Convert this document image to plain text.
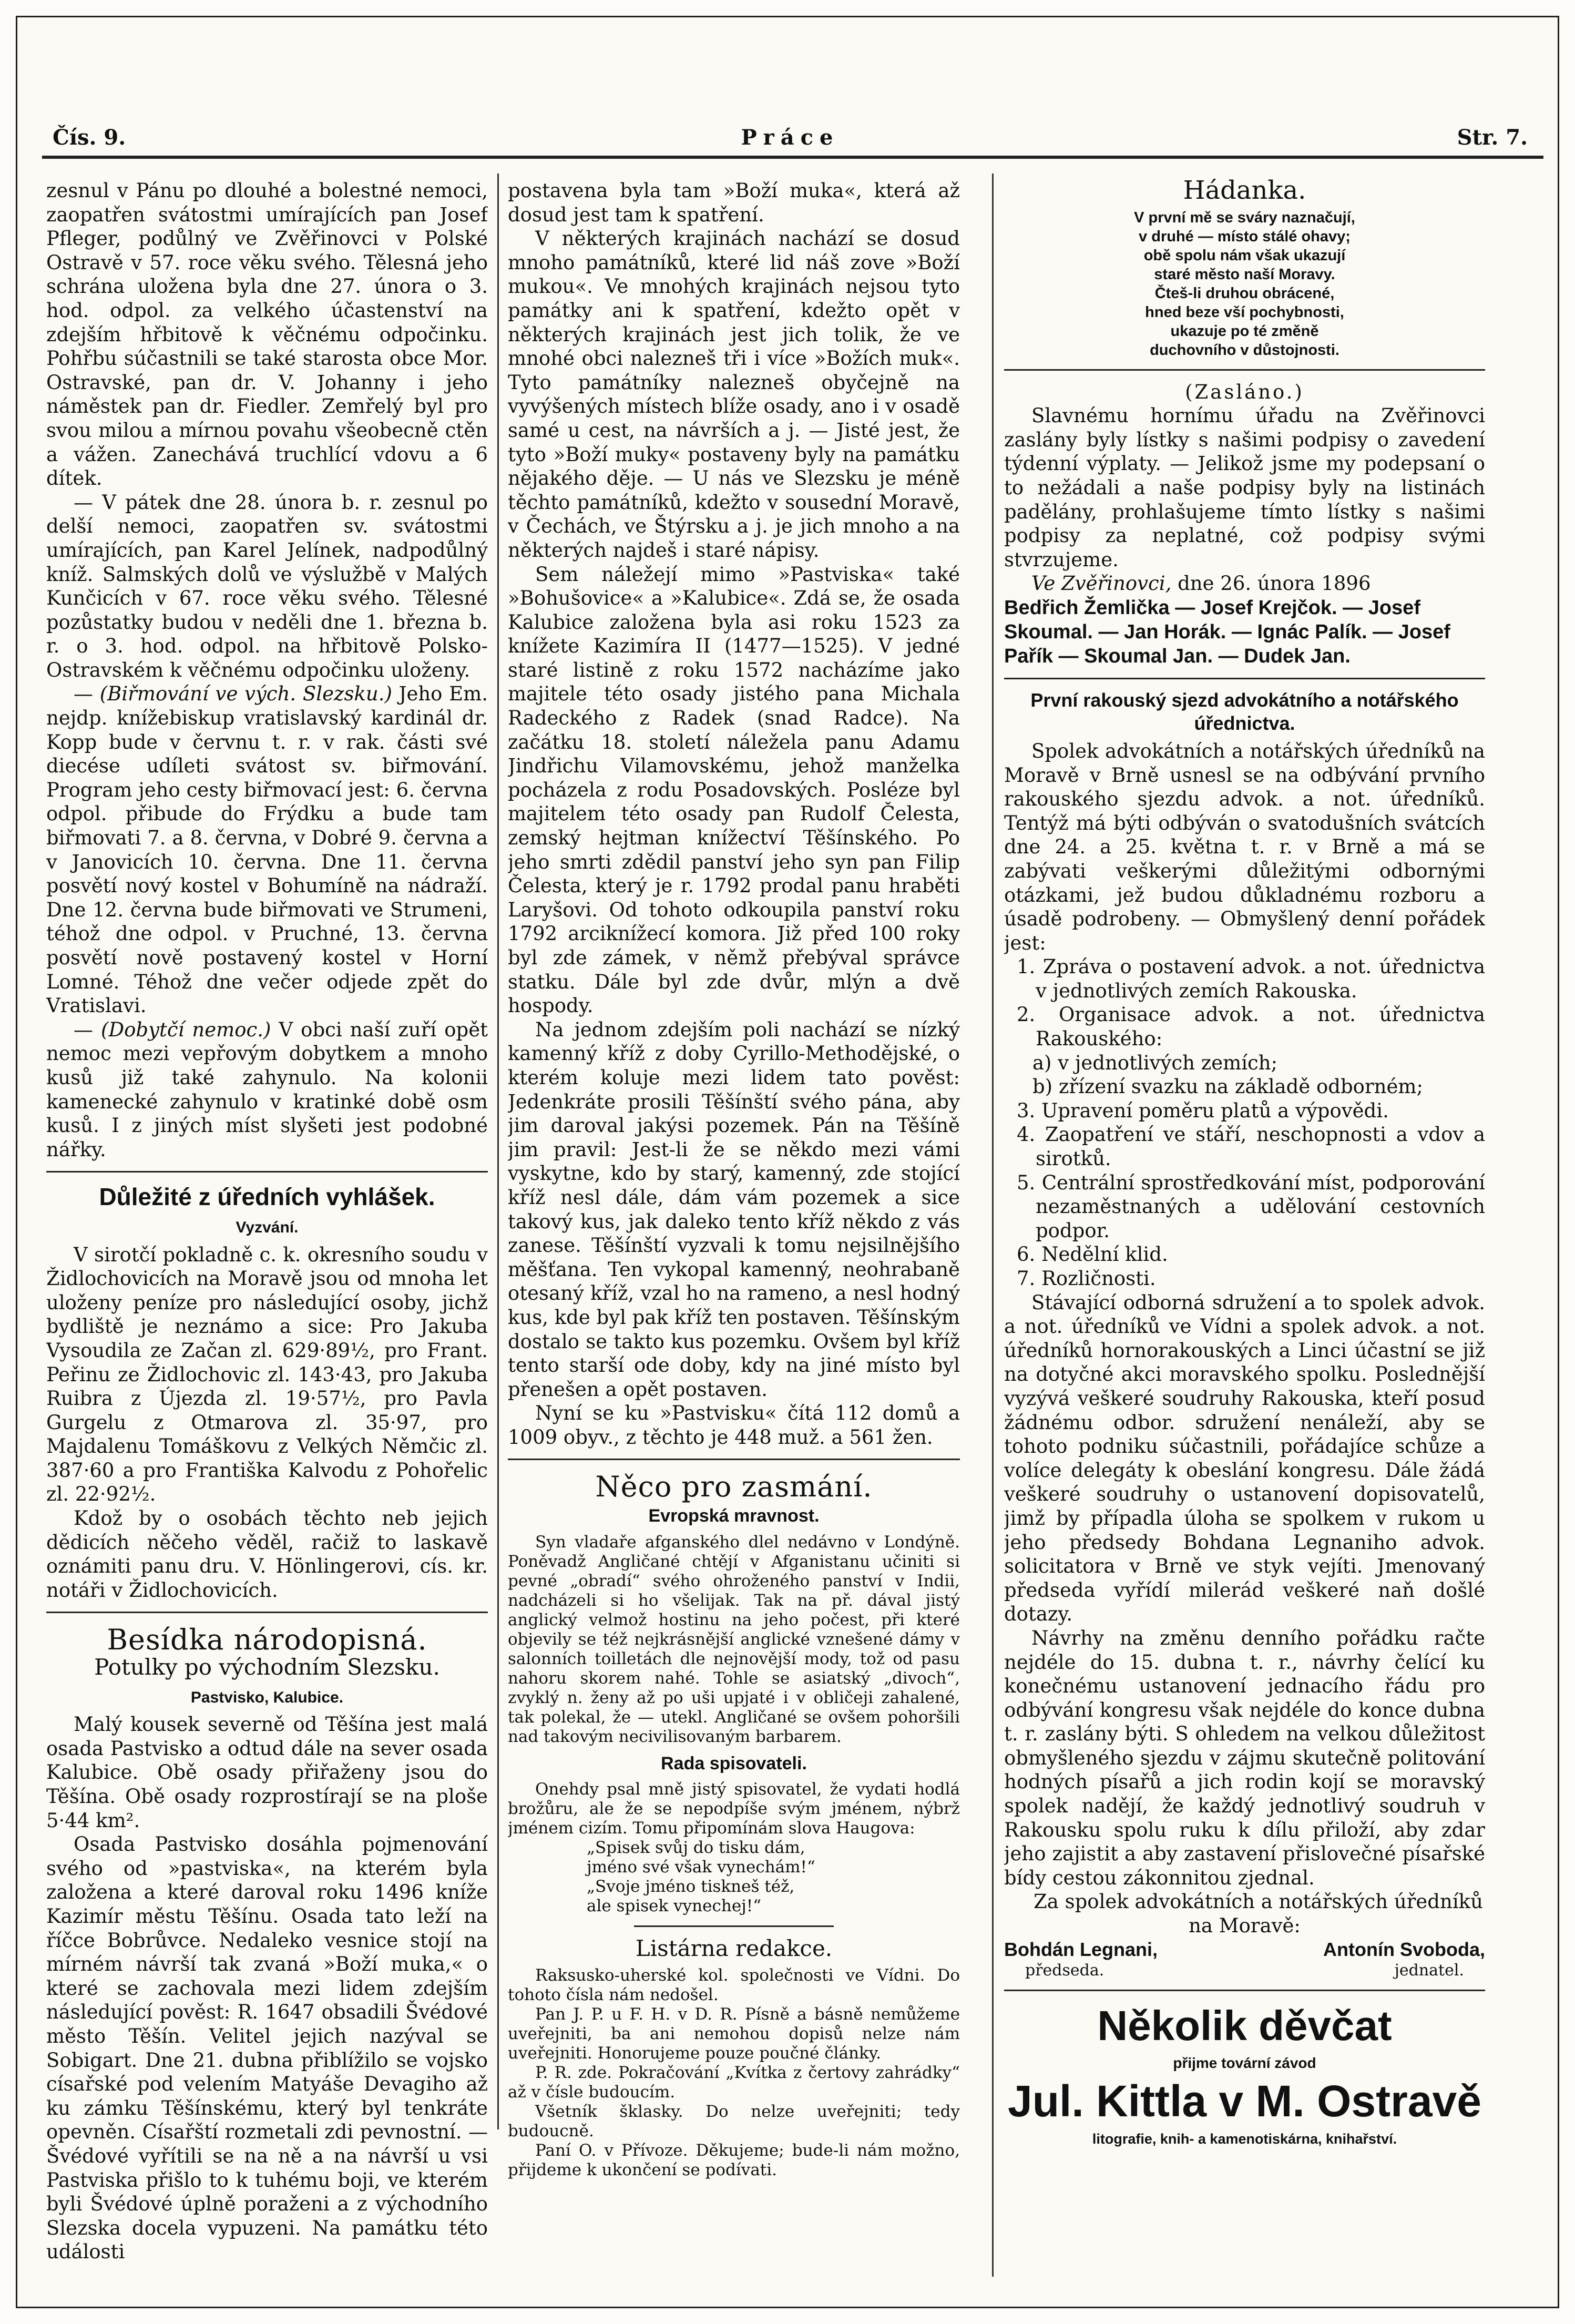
Čís. 9.	Práce	Str. 7.

zesnul v Pánu po dlouhé a bolestné nemoci, zaopatřen svátostmi umírajících pan Josef Pfleger, podůlný ve Zvěřinovci v Polské Ostravě v 57. roce věku svého. Tělesná jeho schrána uložena byla dne 27. února o 3. hod. odpol. za velkého účastenství na zdejším hřbitově k věčnému odpočinku. Pohřbu súčastnili se také starosta obce Mor. Ostravské, pan dr. V. Johanny i jeho náměstek pan dr. Fiedler. Zemřelý byl pro svou milou a mírnou povahu všeobecně ctěn a vážen. Zanechává truchlící vdovu a 6 dítek.

— V pátek dne 28. února b. r. zesnul po delší nemoci, zaopatřen sv. svátostmi umírajících, pan Karel Jelínek, nadpodůlný kníž. Salmských dolů ve výslužbě v Malých Kunčicích v 67. roce věku svého. Tělesné pozůstatky budou v neděli dne 1. března b. r. o 3. hod. odpol. na hřbitově Polsko-Ostravském k věčnému odpočinku uloženy.

— (Biřmování ve vých. Slezsku.) Jeho Em. nejdp. knížebiskup vratislavský kardinál dr. Kopp bude v červnu t. r. v rak. části své diecése udíleti svátost sv. biřmování. Program jeho cesty biřmovací jest: 6. června odpol. přibude do Frýdku a bude tam biřmovati 7. a 8. června, v Dobré 9. června a v Janovicích 10. června. Dne 11. června posvětí nový kostel v Bohumíně na nádraží. Dne 12. června bude biřmovati ve Strumeni, téhož dne odpol. v Pruchné, 13. června posvětí nově postavený kostel v Horní Lomné. Téhož dne večer odjede zpět do Vratislavi.

— (Dobytčí nemoc.) V obci naší zuří opět nemoc mezi vepřovým dobytkem a mnoho kusů již také zahynulo. Na kolonii kamenecké zahynulo v kratinké době osm kusů. I z jiných míst slyšeti jest podobné nářky.

Důležité z úředních vyhlášek.
Vyzvání.

V sirotčí pokladně c. k. okresního soudu v Židlochovicích na Moravě jsou od mnoha let uloženy peníze pro následující osoby, jichž bydliště je neznámo a sice: Pro Jakuba Vysoudila ze Začan zl. 629·89½, pro Frant. Peřinu ze Židlochovic zl. 143·43, pro Jakuba Ruibra z Újezda zl. 19·57½, pro Pavla Gurgelu z Otmarova zl. 35·97, pro Majdalenu Tomáškovu z Velkých Němčic zl. 387·60 a pro Františka Kalvodu z Pohořelic zl. 22·92½.

Kdož by o osobách těchto neb jejich dědicích něčeho věděl, račiž to laskavě oznámiti panu dru. V. Hönlingerovi, cís. kr. notáři v Židlochovicích.

Besídka národopisná.
Potulky po východním Slezsku.
Pastvisko, Kalubice.

Malý kousek severně od Těšína jest malá osada Pastvisko a odtud dále na sever osada Kalubice. Obě osady přiřaženy jsou do Těšína. Obě osady rozprostírají se na ploše 5·44 km².

Osada Pastvisko dosáhla pojmenování svého od »pastviska«, na kterém byla založena a které daroval roku 1496 kníže Kazimír městu Těšínu. Osada tato leží na říčce Bobrůvce. Nedaleko vesnice stojí na mírném návrší tak zvaná »Boží muka,« o které se zachovala mezi lidem zdejším následující pověst: R. 1647 obsadili Švédové město Těšín. Velitel jejich nazýval se Sobigart. Dne 21. dubna přiblížilo se vojsko císařské pod velením Matyáše Devagiho až ku zámku Těšínskému, který byl tenkráte opevněn. Císařští rozmetali zdi pevnostní. — Švédové vyřítili se na ně a na návrší u vsi Pastviska přišlo to k tuhému boji, ve kterém byli Švédové úplně poraženi a z východního Slezska docela vypuzeni. Na památku této události

postavena byla tam »Boží muka«, která až dosud jest tam k spatření.

V některých krajinách nachází se dosud mnoho památníků, které lid náš zove »Boží mukou«. Ve mnohých krajinách nejsou tyto památky ani k spatření, kdežto opět v některých krajinách jest jich tolik, že ve mnohé obci nalezneš tři i více »Božích muk«. Tyto památníky nalezneš obyčejně na vyvýšených místech blíže osady, ano i v osadě samé u cest, na návrších a j. — Jisté jest, že tyto »Boží muky« postaveny byly na památku nějakého děje. — U nás ve Slezsku je méně těchto památníků, kdežto v sousední Moravě, v Čechách, ve Štýrsku a j. je jich mnoho a na některých najdeš i staré nápisy.

Sem náležejí mimo »Pastviska« také »Bohušovice« a »Kalubice«. Zdá se, že osada Kalubice založena byla asi roku 1523 za knížete Kazimíra II (1477—1525). V jedné staré listině z roku 1572 nacházíme jako majitele této osady jistého pana Michala Radeckého z Radek (snad Radce). Na začátku 18. století náležela panu Adamu Jindřichu Vilamovskému, jehož manželka pocházela z rodu Posadovských. Posléze byl majitelem této osady pan Rudolf Čelesta, zemský hejtman knížectví Těšínského. Po jeho smrti zdědil panství jeho syn pan Filip Čelesta, který je r. 1792 prodal panu hraběti Laryšovi. Od tohoto odkoupila panství roku 1792 arciknížecí komora. Již před 100 roky byl zde zámek, v němž přebýval správce statku. Dále byl zde dvůr, mlýn a dvě hospody.

Na jednom zdejším poli nachází se nízký kamenný kříž z doby Cyrillo-Methodějské, o kterém koluje mezi lidem tato pověst: Jedenkráte prosili Těšínští svého pána, aby jim daroval jakýsi pozemek. Pán na Těšíně jim pravil: Jest-li že se někdo mezi vámi vyskytne, kdo by starý, kamenný, zde stojící kříž nesl dále, dám vám pozemek a sice takový kus, jak daleko tento kříž někdo z vás zanese. Těšínští vyzvali k tomu nejsilnějšího měšťana. Ten vykopal kamenný, neohrabaně otesaný kříž, vzal ho na rameno, a nesl hodný kus, kde byl pak kříž ten postaven. Těšínským dostalo se takto kus pozemku. Ovšem byl kříž tento starší ode doby, kdy na jiné místo byl přenešen a opět postaven.

Nyní se ku »Pastvisku« čítá 112 domů a 1009 obyv., z těchto je 448 muž. a 561 žen.

Něco pro zasmání.
Evropská mravnost.

Syn vladaře afganského dlel nedávno v Londýně. Poněvadž Angličané chtějí v Afganistanu učiniti si pevné „obradí“ svého ohroženého panství v Indii, nadcházeli si ho všelijak. Tak na př. dával jistý anglický velmož hostinu na jeho počest, při které objevily se též nejkrásnější anglické vznešené dámy v salonních toilletách dle nejnovější mody, tož od pasu nahoru skorem nahé. Tohle se asiatský „divoch“, zvyklý n. ženy až po uši upjaté i v obličeji zahalené, tak polekal, že — utekl. Angličané se ovšem pohoršili nad takovým necivilisovaným barbarem.

Rada spisovateli.

Onehdy psal mně jistý spisovatel, že vydati hodlá brožůru, ale že se nepodpíše svým jménem, nýbrž jménem cizím. Tomu připomínám slova Haugova:

„Spisek svůj do tisku dám,
jméno své však vynechám!“
„Svoje jméno tiskneš též,
ale spisek vynechej!“
Listárna redakce.

Raksusko-uherské kol. společnosti ve Vídni. Do tohoto čísla nám nedošel.

Pan J. P. u F. H. v D. R. Písně a básně nemůžeme uveřejniti, ba ani nemohou dopisů nelze nám uveřejniti. Honorujeme pouze poučné články.

P. R. zde. Pokračování „Kvítka z čertovy zahrádky“ až v čísle budoucím.

Všetník šklasky. Do nelze uveřejniti; tedy budoucně.

Paní O. v Přívoze. Děkujeme; bude-li nám možno, přijdeme k ukončení se podívati.

Hádanka.
V první mě se sváry naznačují,
v druhé — místo stálé ohavy;
obě spolu nám však ukazují
staré město naší Moravy.
Čteš-li druhou obrácené,
hned beze vší pochybnosti,
ukazuje po té změně
duchovního v důstojnosti.
(Zasláno.)

Slavnému hornímu úřadu na Zvěřinovci zaslány byly lístky s našimi podpisy o zavedení týdenní výplaty. — Jelikož jsme my podepsaní o to nežádali a naše podpisy byly na listinách padělány, prohlašujeme tímto lístky s našimi podpisy za neplatné, což podpisy svými stvrzujeme.

Ve Zvěřinovci, dne 26. února 1896

Bedřich Žemlička — Josef Krejčok. — Josef Skoumal. — Jan Horák. — Ignác Palík. — Josef Pařík — Skoumal Jan. — Dudek Jan.
První rakouský sjezd advokátního a notářského úřednictva.

Spolek advokátních a notářských úředníků na Moravě v Brně usnesl se na odbývání prvního rakouského sjezdu advok. a not. úředníků. Tentýž má býti odbýván o svatodušních svátcích dne 24. a 25. května t. r. v Brně a má se zabývati veškerými důležitými odbornými otázkami, jež budou důkladnému rozboru a úsadě podrobeny. — Obmyšlený denní pořádek jest:

1. Zpráva o postavení advok. a not. úřednictva v jednotlivých zemích Rakouska.
2. Organisace advok. a not. úřednictva Rakouského:
a) v jednotlivých zemích;
b) zřízení svazku na základě odborném;
3. Upravení poměru platů a výpovědi.
4. Zaopatření ve stáří, neschopnosti a vdov a sirotků.
5. Centrální sprostředkování míst, podporování nezaměstnaných a udělování cestovních podpor.
6. Nedělní klid.
7. Rozličnosti.

Stávající odborná sdružení a to spolek advok. a not. úředníků ve Vídni a spolek advok. a not. úředníků hornorakouských a Linci účastní se již na dotyčné akci moravského spolku. Poslednější vyzývá veškeré soudruhy Rakouska, kteří posud žádnému odbor. sdružení nenáleží, aby se tohoto podniku súčastnili, pořádajíce schůze a volíce delegáty k obeslání kongresu. Dále žádá veškeré soudruhy o ustanovení dopisovatelů, jimž by případla úloha se spolkem v rukom u jeho předsedy Bohdana Legnaniho advok. solicitatora v Brně ve styk vejíti. Jmenovaný předseda vyřídí milerád veškeré naň došlé dotazy.

Návrhy na změnu denního pořádku račte nejdéle do 15. dubna t. r., návrhy čelící ku konečnému ustanovení jednacího řádu pro odbývání kongresu však nejdéle do konce dubna t. r. zaslány býti. S ohledem na velkou důležitost obmyšleného sjezdu v zájmu skutečně politování hodných písařů a jich rodin kojí se moravský spolek nadějí, že každý jednotlivý soudruh v Rakousku spolu ruku k dílu přiloží, aby zdar jeho zajistit a aby zastavení přislovečné písařské bídy cestou zákonnitou zjednal.

Za spolek advokátních a notářských úředníků na Moravě:

Bohdán Legnani,	Antonín Svoboda,
předseda.	jednatel.
Několik děvčat
přijme tovární závod
Jul. Kittla v M. Ostravě
litografie, knih- a kamenotiskárna, knihařství.
